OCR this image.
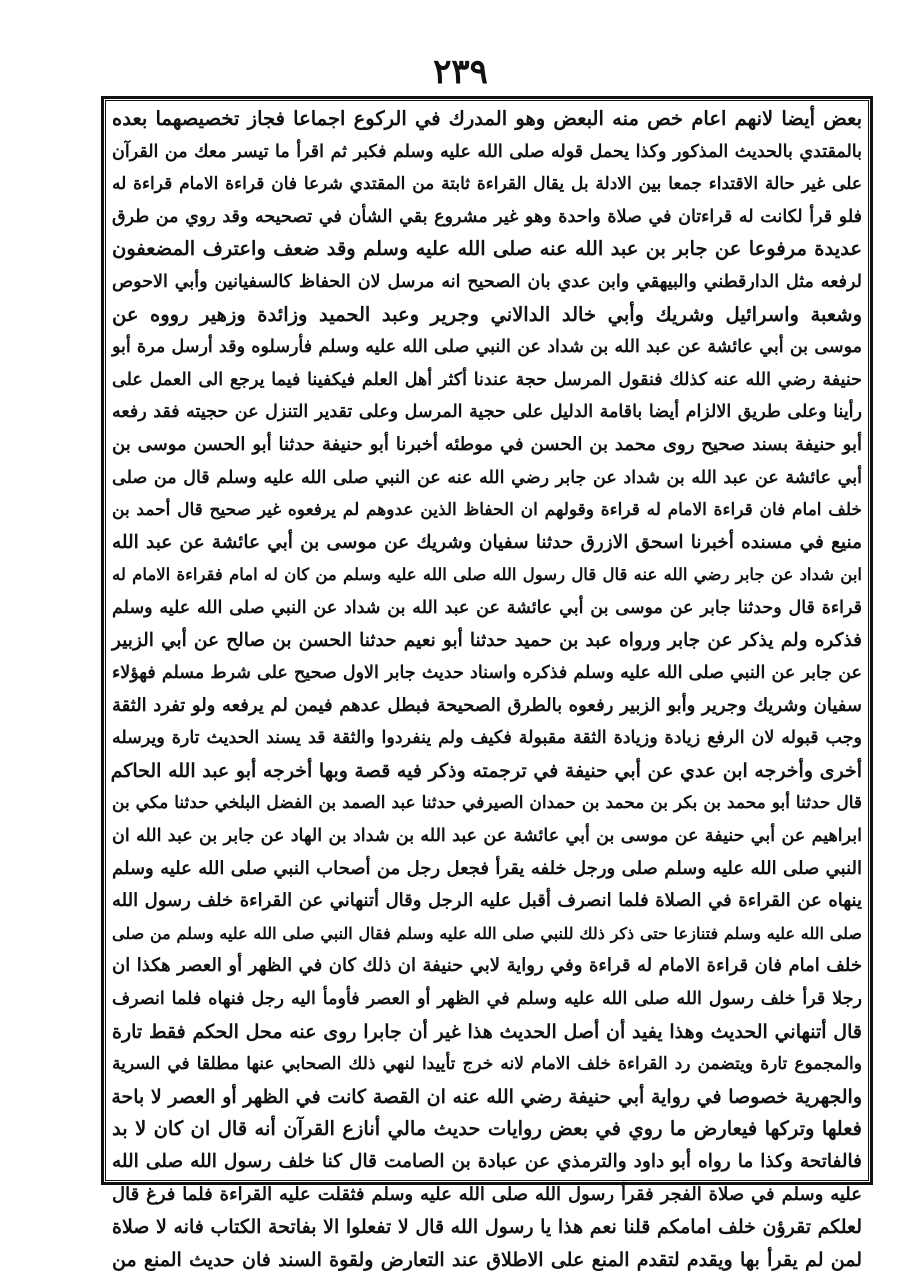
٢٣٩
بعض أيضا لانهم اعام خص منه البعض وهو المدرك في الركوع اجماعا فجاز تخصيصهما بعده
بالمقتدي بالحديث المذكور وكذا يحمل قوله صلى الله عليه وسلم فكبر ثم اقرأ ما تيسر معك من القرآن
على غير حالة الاقتداء جمعا بين الادلة بل يقال القراءة ثابتة من المقتدي شرعا فان قراءة الامام قراءة له
فلو قرأ لكانت له قراءتان في صلاة واحدة وهو غير مشروع بقي الشأن في تصحيحه وقد روي من طرق
عديدة مرفوعا عن جابر بن عبد الله عنه صلى الله عليه وسلم وقد ضعف واعترف المضعفون
لرفعه مثل الدارقطني والبيهقي وابن عدي بان الصحيح انه مرسل لان الحفاظ كالسفيانين وأبي الاحوص
وشعبة واسرائيل وشريك وأبي خالد الدالاني وجرير وعبد الحميد وزائدة وزهير رووه عن
موسى بن أبي عائشة عن عبد الله بن شداد عن النبي صلى الله عليه وسلم فأرسلوه وقد أرسل مرة أبو
حنيفة رضي الله عنه كذلك فنقول المرسل حجة عندنا أكثر أهل العلم فيكفينا فيما يرجع الى العمل على
رأينا وعلى طريق الالزام أيضا باقامة الدليل على حجية المرسل وعلى تقدير التنزل عن حجيته فقد رفعه
أبو حنيفة بسند صحيح روى محمد بن الحسن في موطئه أخبرنا أبو حنيفة حدثنا أبو الحسن موسى بن
أبي عائشة عن عبد الله بن شداد عن جابر رضي الله عنه عن النبي صلى الله عليه وسلم قال من صلى
خلف امام فان قراءة الامام له قراءة وقولهم ان الحفاظ الذين عدوهم لم يرفعوه غير صحيح قال أحمد بن
منيع في مسنده أخبرنا اسحق الازرق حدثنا سفيان وشريك عن موسى بن أبي عائشة عن عبد الله
ابن شداد عن جابر رضي الله عنه قال قال رسول الله صلى الله عليه وسلم من كان له امام فقراءة الامام له
قراءة قال وحدثنا جابر عن موسى بن أبي عائشة عن عبد الله بن شداد عن النبي صلى الله عليه وسلم
فذكره ولم يذكر عن جابر ورواه عبد بن حميد حدثنا أبو نعيم حدثنا الحسن بن صالح عن أبي الزبير
عن جابر عن النبي صلى الله عليه وسلم فذكره واسناد حديث جابر الاول صحيح على شرط مسلم فهؤلاء
سفيان وشريك وجرير وأبو الزبير رفعوه بالطرق الصحيحة فبطل عدهم فيمن لم يرفعه ولو تفرد الثقة
وجب قبوله لان الرفع زيادة وزيادة الثقة مقبولة فكيف ولم ينفردوا والثقة قد يسند الحديث تارة ويرسله
أخرى وأخرجه ابن عدي عن أبي حنيفة في ترجمته وذكر فيه قصة وبها أخرجه أبو عبد الله الحاكم
قال حدثنا أبو محمد بن بكر بن محمد بن حمدان الصيرفي حدثنا عبد الصمد بن الفضل البلخي حدثنا مكي بن
ابراهيم عن أبي حنيفة عن موسى بن أبي عائشة عن عبد الله بن شداد بن الهاد عن جابر بن عبد الله ان
النبي صلى الله عليه وسلم صلى ورجل خلفه يقرأ فجعل رجل من أصحاب النبي صلى الله عليه وسلم
ينهاه عن القراءة في الصلاة فلما انصرف أقبل عليه الرجل وقال أتنهاني عن القراءة خلف رسول الله
صلى الله عليه وسلم فتنازعا حتى ذكر ذلك للنبي صلى الله عليه وسلم فقال النبي صلى الله عليه وسلم من صلى
خلف امام فان قراءة الامام له قراءة وفي رواية لابي حنيفة ان ذلك كان في الظهر أو العصر هكذا ان
رجلا قرأ خلف رسول الله صلى الله عليه وسلم في الظهر أو العصر فأومأ اليه رجل فنهاه فلما انصرف
قال أتنهاني الحديث وهذا يفيد أن أصل الحديث هذا غير أن جابرا روى عنه محل الحكم فقط تارة
والمجموع تارة ويتضمن رد القراءة خلف الامام لانه خرج تأييدا لنهي ذلك الصحابي عنها مطلقا في السرية
والجهرية خصوصا في رواية أبي حنيفة رضي الله عنه ان القصة كانت في الظهر أو العصر لا باحة
فعلها وتركها فيعارض ما روي في بعض روايات حديث مالي أنازع القرآن أنه قال ان كان لا بد
فالفاتحة وكذا ما رواه أبو داود والترمذي عن عبادة بن الصامت قال كنا خلف رسول الله صلى الله
عليه وسلم في صلاة الفجر فقرأ رسول الله صلى الله عليه وسلم فثقلت عليه القراءة فلما فرغ قال
لعلكم تقرؤن خلف امامكم قلنا نعم هذا يا رسول الله قال لا تفعلوا الا بفاتحة الكتاب فانه لا صلاة
لمن لم يقرأ بها ويقدم لتقدم المنع على الاطلاق عند التعارض ولقوة السند فان حديث المنع من
